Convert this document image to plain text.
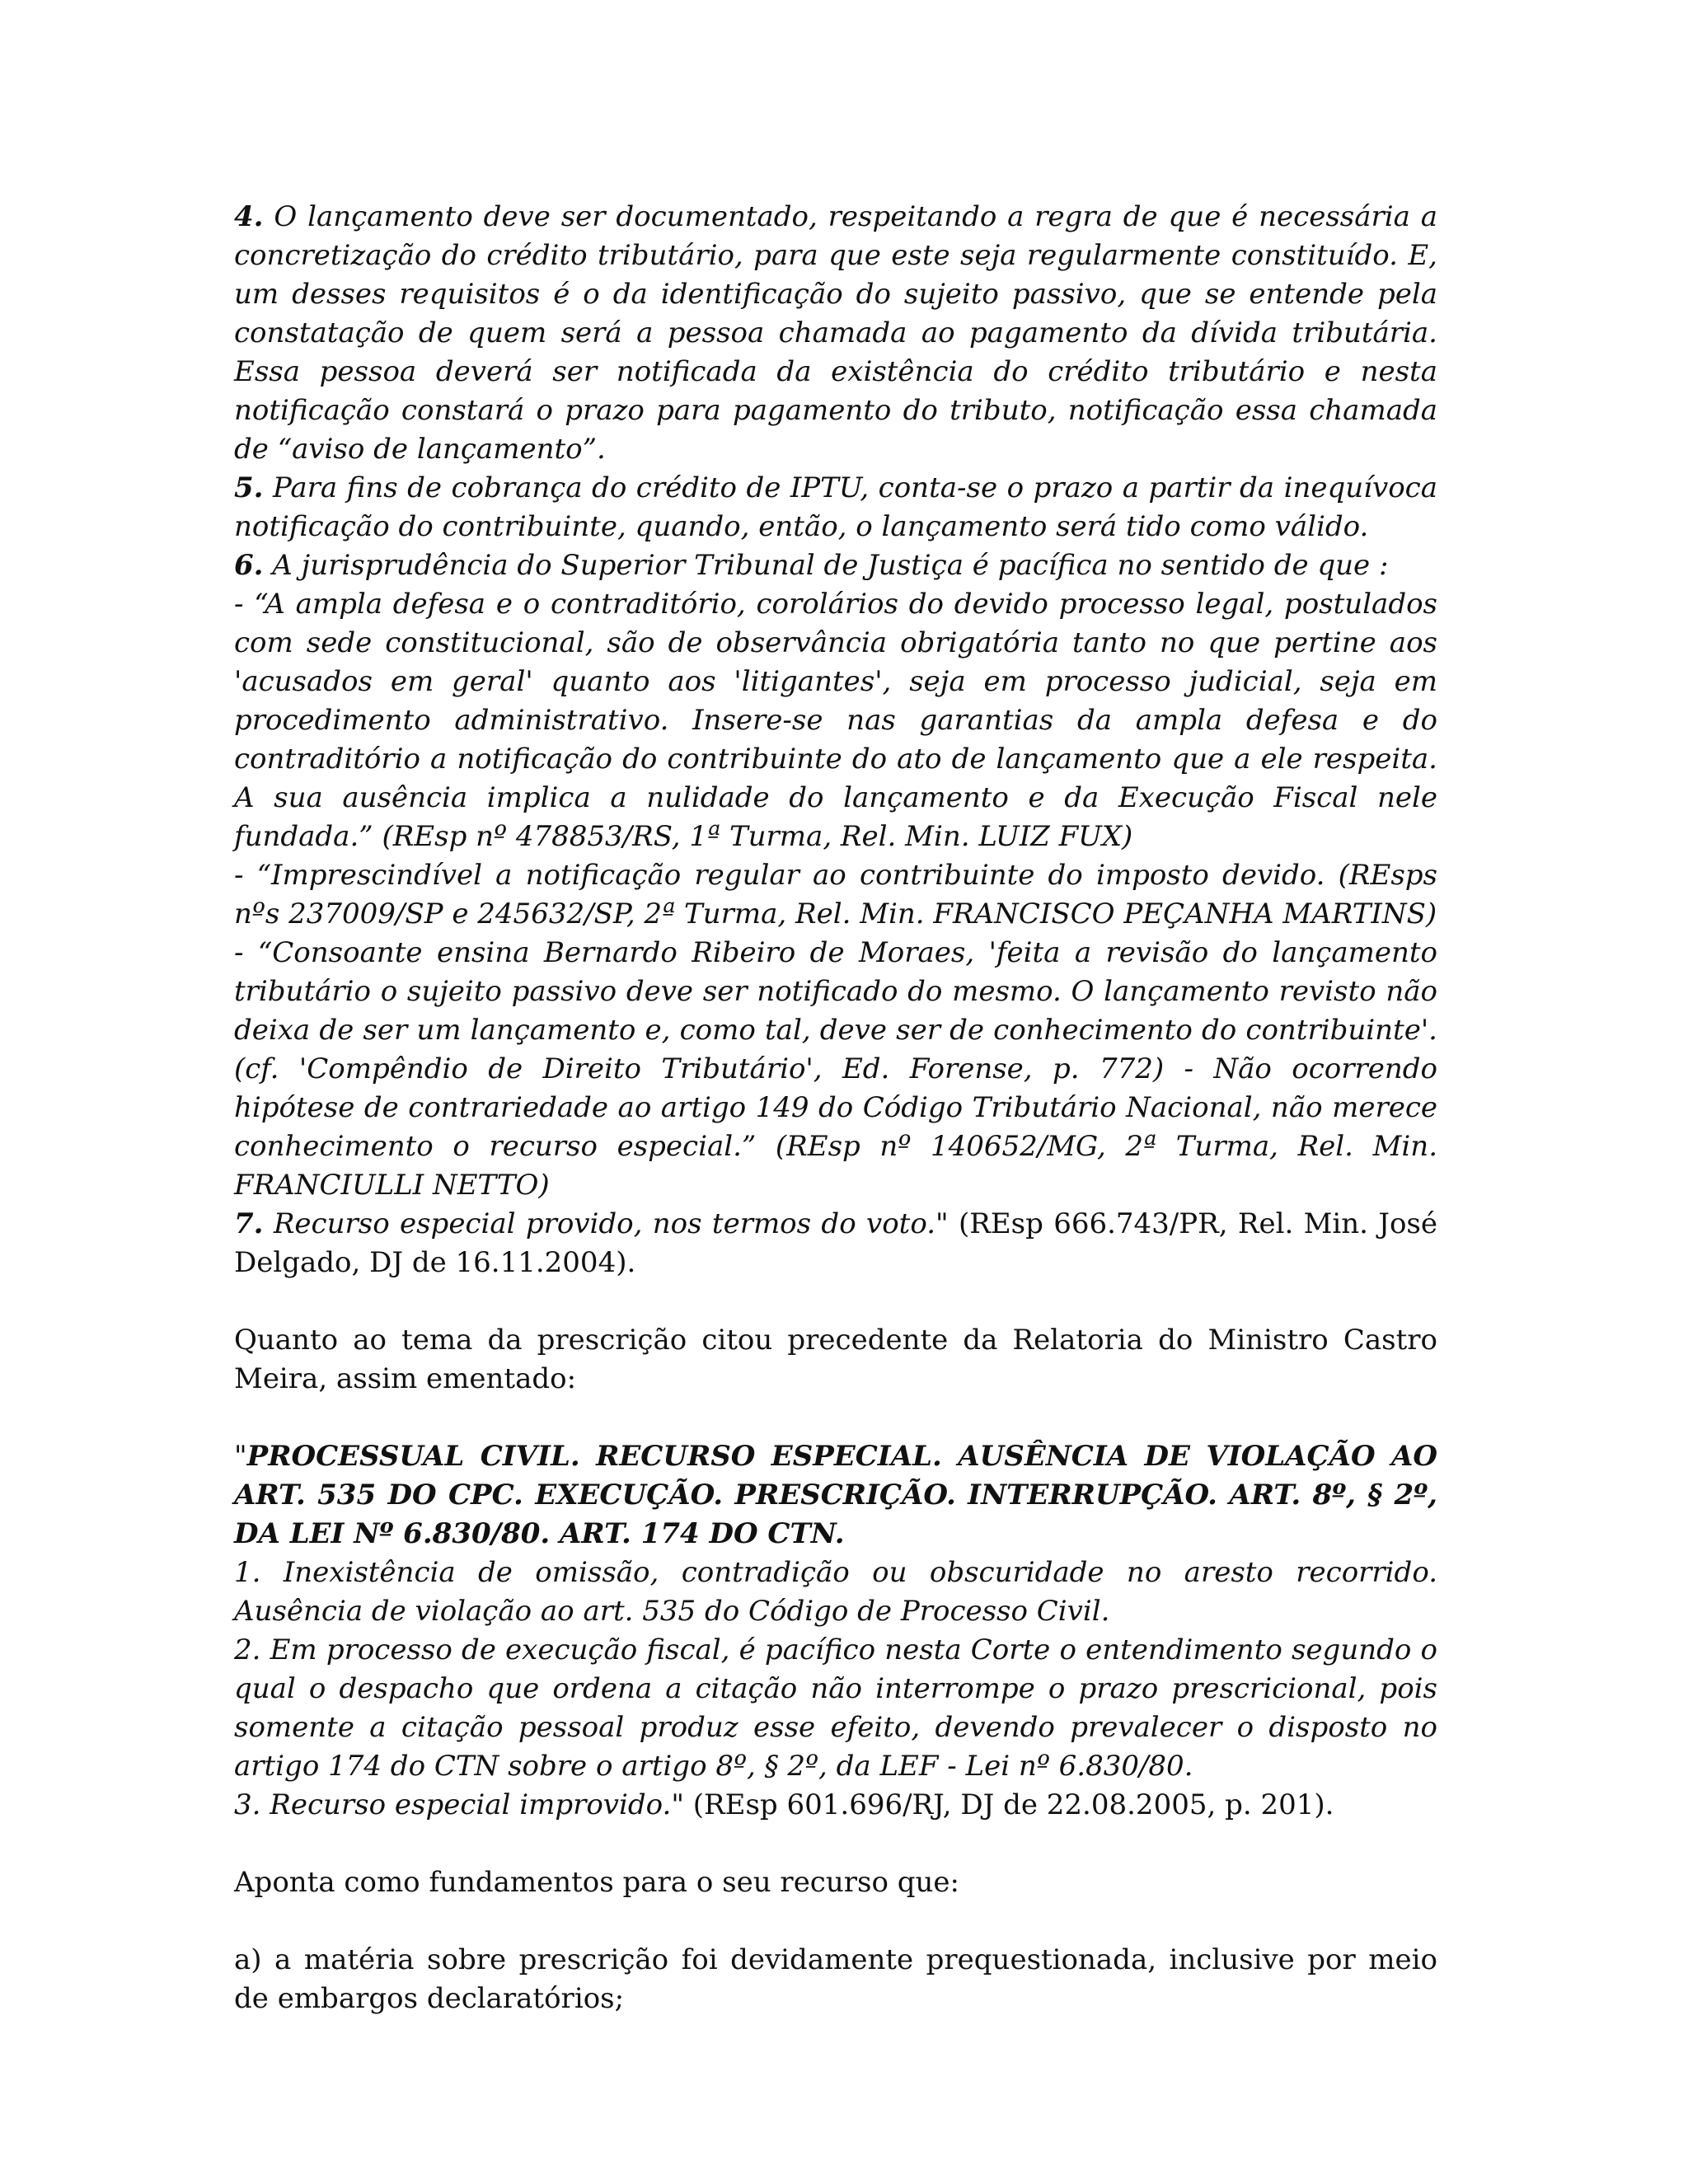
4. O lançamento deve ser documentado, respeitando a regra de que é necessária a concretização do crédito tributário, para que este seja regularmente constituído. E, um desses requisitos é o da identificação do sujeito passivo, que se entende pela constatação de quem será a pessoa chamada ao pagamento da dívida tributária. Essa pessoa deverá ser notificada da existência do crédito tributário e nesta notificação constará o prazo para pagamento do tributo, notificação essa chamada de “aviso de lançamento”.

5. Para fins de cobrança do crédito de IPTU, conta-se o prazo a partir da inequívoca notificação do contribuinte, quando, então, o lançamento será tido como válido.

6. A jurisprudência do Superior Tribunal de Justiça é pacífica no sentido de que :

- “A ampla defesa e o contraditório, corolários do devido processo legal, postulados com sede constitucional, são de observância obrigatória tanto no que pertine aos 'acusados em geral' quanto aos 'litigantes', seja em processo judicial, seja em procedimento administrativo. Insere-se nas garantias da ampla defesa e do contraditório a notificação do contribuinte do ato de lançamento que a ele respeita. A sua ausência implica a nulidade do lançamento e da Execução Fiscal nele fundada.” (REsp nº 478853/RS, 1ª Turma, Rel. Min. LUIZ FUX)

- “Imprescindível a notificação regular ao contribuinte do imposto devido. (REsps nºs 237009/SP e 245632/SP, 2ª Turma, Rel. Min. FRANCISCO PEÇANHA MARTINS)

- “Consoante ensina Bernardo Ribeiro de Moraes, 'feita a revisão do lançamento tributário o sujeito passivo deve ser notificado do mesmo. O lançamento revisto não deixa de ser um lançamento e, como tal, deve ser de conhecimento do contribuinte'. (cf. 'Compêndio de Direito Tributário', Ed. Forense, p. 772) - Não ocorrendo hipótese de contrariedade ao artigo 149 do Código Tributário Nacional, não merece conhecimento o recurso especial.” (REsp nº 140652/MG, 2ª Turma, Rel. Min. FRANCIULLI NETTO)

7. Recurso especial provido, nos termos do voto." (REsp 666.743/PR, Rel. Min. José Delgado, DJ de 16.11.2004).

Quanto ao tema da prescrição citou precedente da Relatoria do Ministro Castro Meira, assim ementado:

"PROCESSUAL CIVIL. RECURSO ESPECIAL. AUSÊNCIA DE VIOLAÇÃO AO ART. 535 DO CPC. EXECUÇÃO. PRESCRIÇÃO. INTERRUPÇÃO. ART. 8º, § 2º, DA LEI Nº 6.830/80. ART. 174 DO CTN.

1. Inexistência de omissão, contradição ou obscuridade no aresto recorrido. Ausência de violação ao art. 535 do Código de Processo Civil.

2. Em processo de execução fiscal, é pacífico nesta Corte o entendimento segundo o qual o despacho que ordena a citação não interrompe o prazo prescricional, pois somente a citação pessoal produz esse efeito, devendo prevalecer o disposto no artigo 174 do CTN sobre o artigo 8º, § 2º, da LEF - Lei nº 6.830/80.

3. Recurso especial improvido." (REsp 601.696/RJ, DJ de 22.08.2005, p. 201).

Aponta como fundamentos para o seu recurso que:

a) a matéria sobre prescrição foi devidamente prequestionada, inclusive por meio de embargos declaratórios;
